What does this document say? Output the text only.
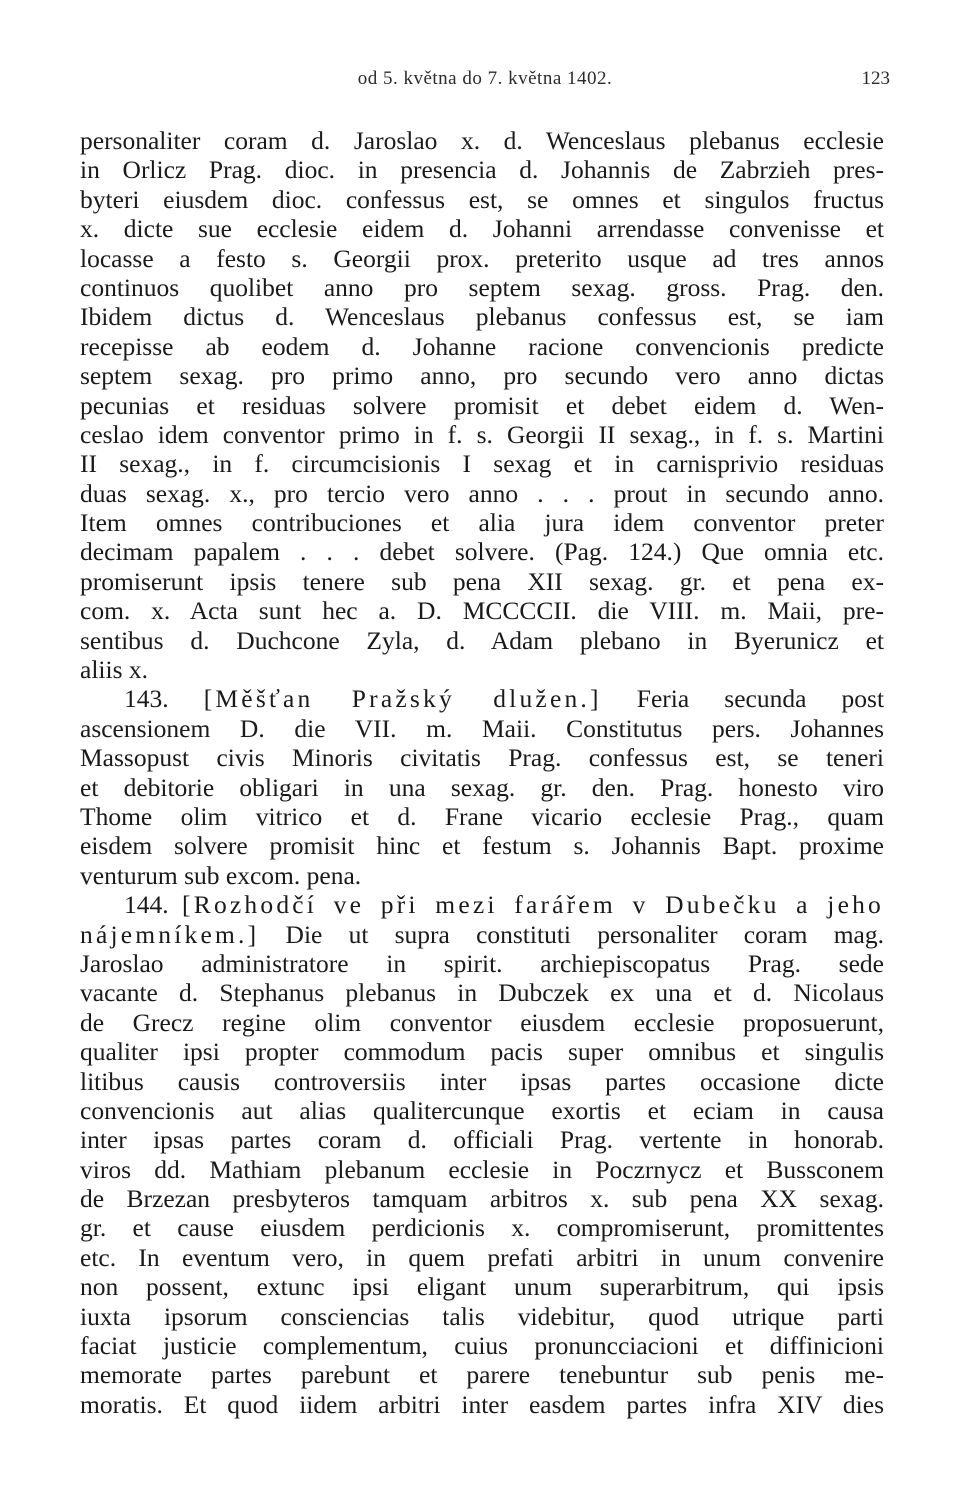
od 5. května do 7. května 1402.	123
personaliter coram d. Jaroslao x. d. Wenceslaus plebanus ecclesie
in Orlicz Prag. dioc. in presencia d. Johannis de Zabrzieh pres-
byteri eiusdem dioc. confessus est, se omnes et singulos fructus
x. dicte sue ecclesie eidem d. Johanni arrendasse convenisse et
locasse a festo s. Georgii prox. preterito usque ad tres annos
continuos quolibet anno pro septem sexag. gross. Prag. den.
Ibidem dictus d. Wenceslaus plebanus confessus est, se iam
recepisse ab eodem d. Johanne racione convencionis predicte
septem sexag. pro primo anno, pro secundo vero anno dictas
pecunias et residuas solvere promisit et debet eidem d. Wen-
ceslao idem conventor primo in f. s. Georgii II sexag., in f. s. Martini
II sexag., in f. circumcisionis I sexag et in carnisprivio residuas
duas sexag. x., pro tercio vero anno . . . prout in secundo anno.
Item omnes contribuciones et alia jura idem conventor preter
decimam papalem . . . debet solvere. (Pag. 124.) Que omnia etc.
promiserunt ipsis tenere sub pena XII sexag. gr. et pena ex-
com. x. Acta sunt hec a. D. MCCCCII. die VIII. m. Maii, pre-
sentibus d. Duchcone Zyla, d. Adam plebano in Byerunicz et
aliis x.
143. [Měšťan Pražský dlužen.] Feria secunda post
ascensionem D. die VII. m. Maii. Constitutus pers. Johannes
Massopust civis Minoris civitatis Prag. confessus est, se teneri
et debitorie obligari in una sexag. gr. den. Prag. honesto viro
Thome olim vitrico et d. Frane vicario ecclesie Prag., quam
eisdem solvere promisit hinc et festum s. Johannis Bapt. proxime
venturum sub excom. pena.
144. [Rozhodčí ve při mezi farářem v Dubečku a jeho
nájemníkem.] Die ut supra constituti personaliter coram mag.
Jaroslao administratore in spirit. archiepiscopatus Prag. sede
vacante d. Stephanus plebanus in Dubczek ex una et d. Nicolaus
de Grecz regine olim conventor eiusdem ecclesie proposuerunt,
qualiter ipsi propter commodum pacis super omnibus et singulis
litibus causis controversiis inter ipsas partes occasione dicte
convencionis aut alias qualitercunque exortis et eciam in causa
inter ipsas partes coram d. officiali Prag. vertente in honorab.
viros dd. Mathiam plebanum ecclesie in Poczrnycz et Bussconem
de Brzezan presbyteros tamquam arbitros x. sub pena XX sexag.
gr. et cause eiusdem perdicionis x. compromiserunt, promittentes
etc. In eventum vero, in quem prefati arbitri in unum convenire
non possent, extunc ipsi eligant unum superarbitrum, qui ipsis
iuxta ipsorum consciencias talis videbitur, quod utrique parti
faciat justicie complementum, cuius pronuncciacioni et diffinicioni
memorate partes parebunt et parere tenebuntur sub penis me-
moratis. Et quod iidem arbitri inter easdem partes infra XIV dies
